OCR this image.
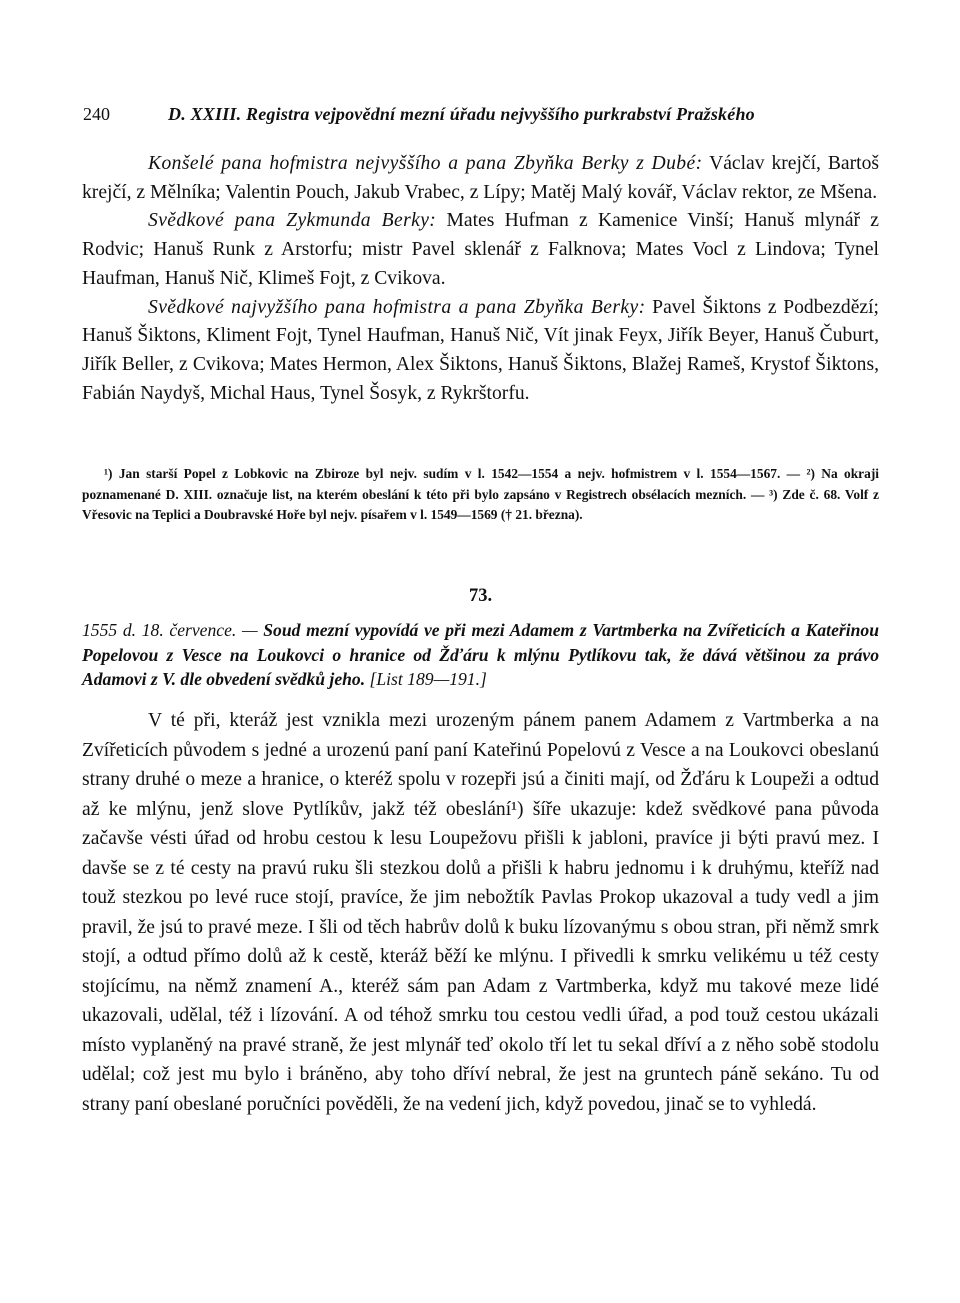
240	D. XXIII. Registra vejpovědní mezní úřadu nejvyššího purkrabství Pražského

Konšelé pana hofmistra nejvyššího a pana Zbyňka Berky z Dubé: Václav krejčí, Bartoš krejčí, z Mělníka; Valentin Pouch, Jakub Vrabec, z Lípy; Matěj Malý kovář, Václav rektor, ze Mšena.

Svědkové pana Zykmunda Berky: Mates Hufman z Kamenice Vinší; Hanuš mlynář z Rodvic; Hanuš Runk z Arstorfu; mistr Pavel sklenář z Falknova; Mates Vocl z Lindova; Tynel Haufman, Hanuš Nič, Klimeš Fojt, z Cvikova.

Svědkové najvyžšího pana hofmistra a pana Zbyňka Berky: Pavel Šiktons z Podbezdězí; Hanuš Šiktons, Kliment Fojt, Tynel Haufman, Hanuš Nič, Vít jinak Feyx, Jiřík Beyer, Hanuš Čuburt, Jiřík Beller, z Cvikova; Mates Hermon, Alex Šiktons, Hanuš Šiktons, Blažej Rameš, Krystof Šiktons, Fabián Naydyš, Michal Haus, Tynel Šosyk, z Rykrštorfu.

¹) Jan starší Popel z Lobkovic na Zbiroze byl nejv. sudím v l. 1542—1554 a nejv. hofmistrem v l. 1554—1567. — ²) Na okraji poznamenané D. XIII. označuje list, na kterém obeslání k této při bylo zapsáno v Registrech obsélacích mezních. — ³) Zde č. 68. Volf z Vřesovic na Teplici a Doubravské Hoře byl nejv. písařem v l. 1549—1569 († 21. března).

73.

1555 d. 18. července. — Soud mezní vypovídá ve při mezi Adamem z Vartmberka na Zvířeticích a Kateřinou Popelovou z Vesce na Loukovci o hranice od Žďáru k mlýnu Pytlíkovu tak, že dává většinou za právo Adamovi z V. dle obvedení svědků jeho. [List 189—191.]

V té při, kteráž jest vznikla mezi urozeným pánem panem Adamem z Vartmberka a na Zvířeticích původem s jedné a urozenú paní paní Kateřinú Popelovú z Vesce a na Loukovci obeslanú strany druhé o meze a hranice, o kteréž spolu v rozepři jsú a činiti mají, od Žďáru k Loupeži a odtud až ke mlýnu, jenž slove Pytlíkův, jakž též obeslání¹) šíře ukazuje: kdež svědkové pana původa začavše vésti úřad od hrobu cestou k lesu Loupežovu přišli k jabloni, pravíce ji býti pravú mez. I davše se z té cesty na pravú ruku šli stezkou dolů a přišli k habru jednomu i k druhýmu, kteříž nad touž stezkou po levé ruce stojí, pravíce, že jim nebožtík Pavlas Prokop ukazoval a tudy vedl a jim pravil, že jsú to pravé meze. I šli od těch habrův dolů k buku lízovanýmu s obou stran, při němž smrk stojí, a odtud přímo dolů až k cestě, kteráž běží ke mlýnu. I přivedli k smrku velikému u též cesty stojícímu, na němž znamení A., kteréž sám pan Adam z Vartmberka, když mu takové meze lidé ukazovali, udělal, též i lízování. A od téhož smrku tou cestou vedli úřad, a pod touž cestou ukázali místo vyplaněný na pravé straně, že jest mlynář teď okolo tří let tu sekal dříví a z něho sobě stodolu udělal; což jest mu bylo i bráněno, aby toho dříví nebral, že jest na gruntech páně sekáno. Tu od strany paní obeslané poručníci pověděli, že na vedení jich, když povedou, jinač se to vyhledá.
